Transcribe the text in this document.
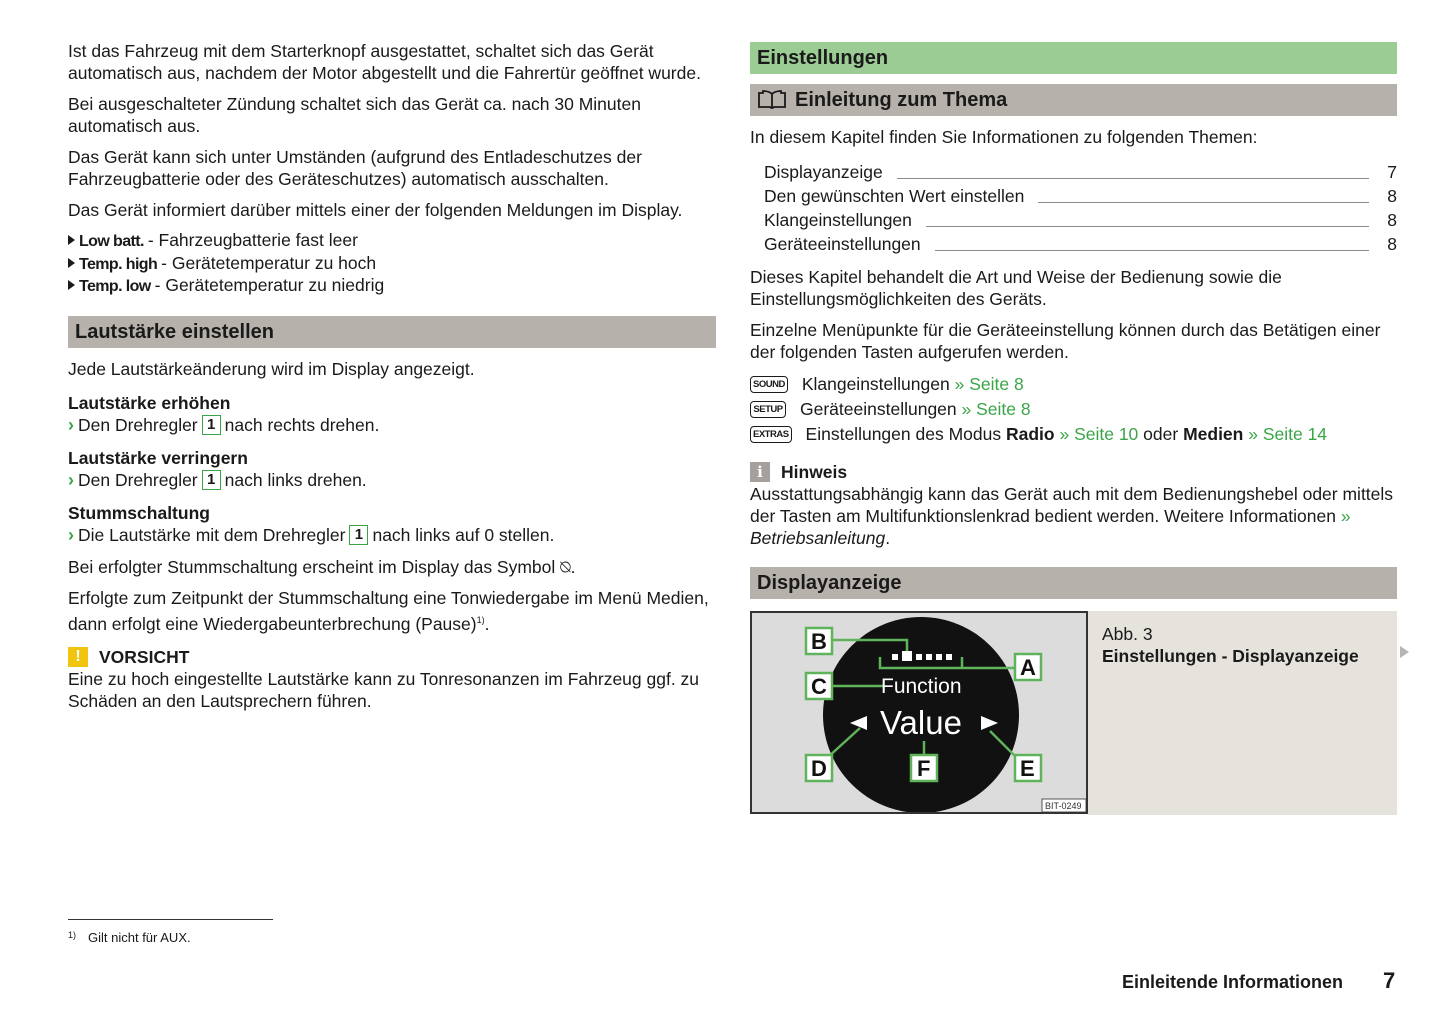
Ist das Fahrzeug mit dem Starterknopf ausgestattet, schaltet sich das Gerät automatisch aus, nachdem der Motor abgestellt und die Fahrertür geöffnet wurde.

Bei ausgeschalteter Zündung schaltet sich das Gerät ca. nach 30 Minuten automatisch aus.

Das Gerät kann sich unter Umständen (aufgrund des Entladeschutzes der Fahrzeugbatterie oder des Geräteschutzes) automatisch ausschalten.

Das Gerät informiert darüber mittels einer der folgenden Meldungen im Display.

Low batt. - Fahrzeugbatterie fast leer
Temp. high - Gerätetemperatur zu hoch
Temp. low - Gerätetemperatur zu niedrig
Lautstärke einstellen

Jede Lautstärkeänderung wird im Display angezeigt.

Lautstärke erhöhen
› Den Drehregler 1 nach rechts drehen.
Lautstärke verringern
› Den Drehregler 1 nach links drehen.
Stummschaltung
› Die Lautstärke mit dem Drehregler 1 nach links auf 0 stellen.

Bei erfolgter Stummschaltung erscheint im Display das Symbol ⍉.

Erfolgte zum Zeitpunkt der Stummschaltung eine Tonwiedergabe im Menü Medien, dann erfolgt eine Wiedergabeunterbrechung (Pause)$^{1)}$.

!	VORSICHT

Eine zu hoch eingestellte Lautstärke kann zu Tonresonanzen im Fahrzeug ggf. zu Schäden an den Lautsprechern führen.

Einstellungen
Einleitung zum Thema

In diesem Kapitel finden Sie Informationen zu folgenden Themen:

Displayanzeige	7
Den gewünschten Wert einstellen	8
Klangeinstellungen	8
Geräteeinstellungen	8

Dieses Kapitel behandelt die Art und Weise der Bedienung sowie die Einstellungsmöglichkeiten des Geräts.

Einzelne Menüpunkte für die Geräteeinstellung können durch das Betätigen einer der folgenden Tasten aufgerufen werden.

SOUND Klangeinstellungen
» Seite 8
SETUP Geräteeinstellungen
» Seite 8
EXTRAS Einstellungen des Modus
Radio
» Seite 10
oder
Medien
» Seite 14
i	Hinweis

Ausstattungsabhängig kann das Gerät auch mit dem Bedienungshebel oder mittels der Tasten am Multifunktionslenkrad bedient werden. Weitere Informationen » Betriebsanleitung.

Displayanzeige
Function
Value
B
A
C
D	E
F
BIT-0249
Abb. 3
Einstellungen - Displayanzeige
1) Gilt nicht für AUX.
Einleitende Informationen 7
